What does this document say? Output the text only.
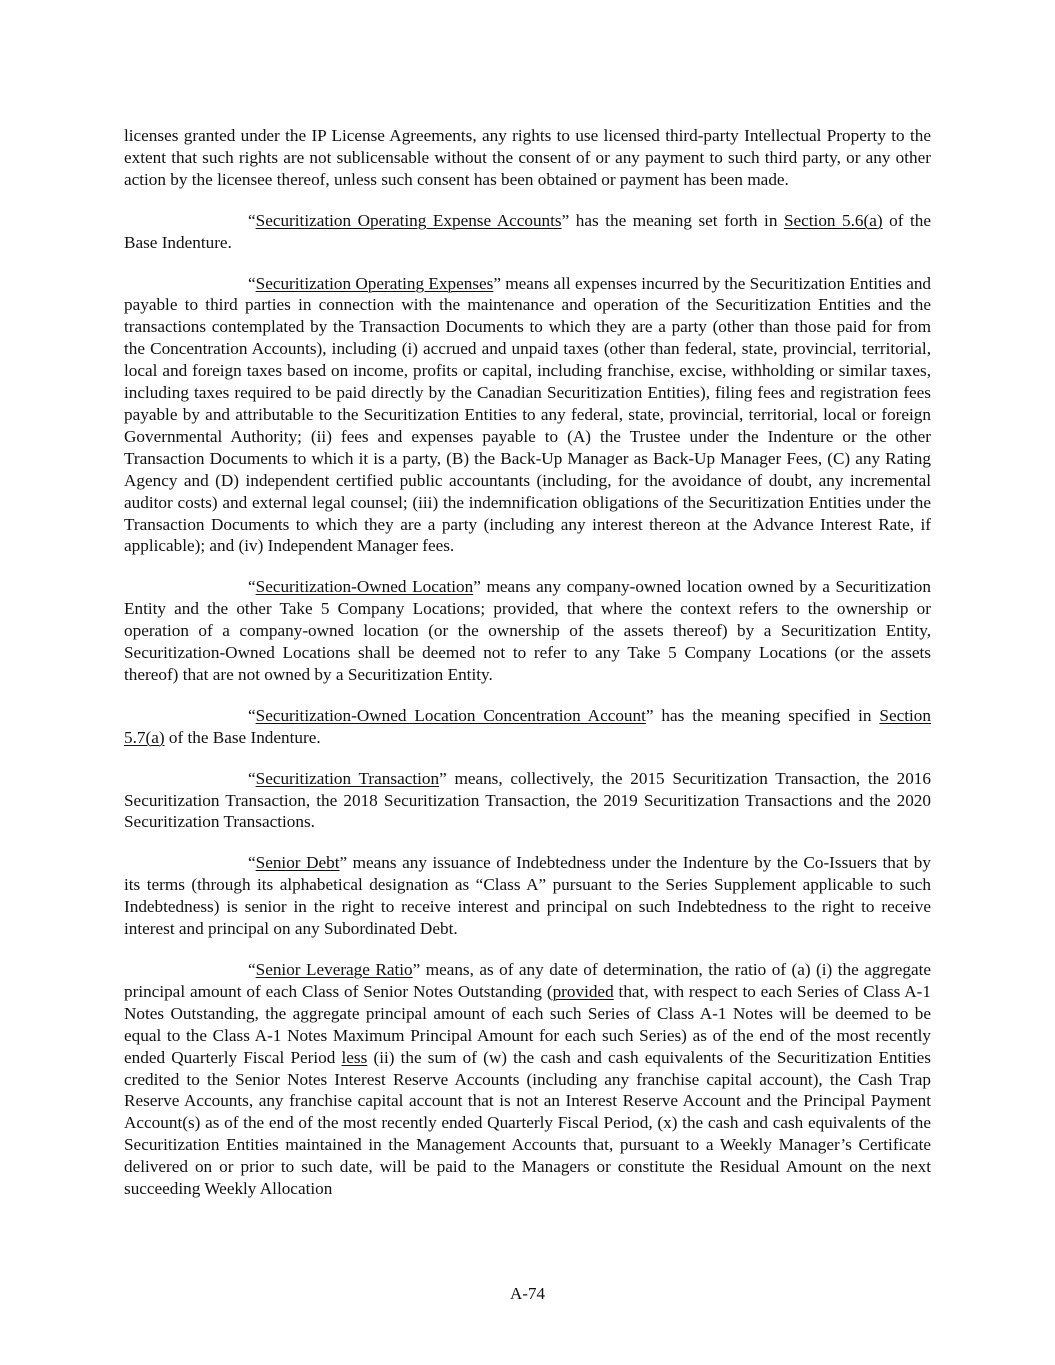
licenses granted under the IP License Agreements, any rights to use licensed third-party Intellectual Property to the extent that such rights are not sublicensable without the consent of or any payment to such third party, or any other action by the licensee thereof, unless such consent has been obtained or payment has been made.

“Securitization Operating Expense Accounts” has the meaning set forth in Section 5.6(a) of the Base Indenture.

“Securitization Operating Expenses” means all expenses incurred by the Securitization Entities and payable to third parties in connection with the maintenance and operation of the Securitization Entities and the transactions contemplated by the Transaction Documents to which they are a party (other than those paid for from the Concentration Accounts), including (i) accrued and unpaid taxes (other than federal, state, provincial, territorial, local and foreign taxes based on income, profits or capital, including franchise, excise, withholding or similar taxes, including taxes required to be paid directly by the Canadian Securitization Entities), filing fees and registration fees payable by and attributable to the Securitization Entities to any federal, state, provincial, territorial, local or foreign Governmental Authority; (ii) fees and expenses payable to (A) the Trustee under the Indenture or the other Transaction Documents to which it is a party, (B) the Back-Up Manager as Back-Up Manager Fees, (C) any Rating Agency and (D) independent certified public accountants (including, for the avoidance of doubt, any incremental auditor costs) and external legal counsel; (iii) the indemnification obligations of the Securitization Entities under the Transaction Documents to which they are a party (including any interest thereon at the Advance Interest Rate, if applicable); and (iv) Independent Manager fees.

“Securitization-Owned Location” means any company-owned location owned by a Securitization Entity and the other Take 5 Company Locations; provided, that where the context refers to the ownership or operation of a company-owned location (or the ownership of the assets thereof) by a Securitization Entity, Securitization-Owned Locations shall be deemed not to refer to any Take 5 Company Locations (or the assets thereof) that are not owned by a Securitization Entity.

“Securitization-Owned Location Concentration Account” has the meaning specified in Section 5.7(a) of the Base Indenture.

“Securitization Transaction” means, collectively, the 2015 Securitization Transaction, the 2016 Securitization Transaction, the 2018 Securitization Transaction, the 2019 Securitization Transactions and the 2020 Securitization Transactions.

“Senior Debt” means any issuance of Indebtedness under the Indenture by the Co-Issuers that by its terms (through its alphabetical designation as “Class A” pursuant to the Series Supplement applicable to such Indebtedness) is senior in the right to receive interest and principal on such Indebtedness to the right to receive interest and principal on any Subordinated Debt.

“Senior Leverage Ratio” means, as of any date of determination, the ratio of (a) (i) the aggregate principal amount of each Class of Senior Notes Outstanding (provided that, with respect to each Series of Class A-1 Notes Outstanding, the aggregate principal amount of each such Series of Class A-1 Notes will be deemed to be equal to the Class A-1 Notes Maximum Principal Amount for each such Series) as of the end of the most recently ended Quarterly Fiscal Period less (ii) the sum of (w) the cash and cash equivalents of the Securitization Entities credited to the Senior Notes Interest Reserve Accounts (including any franchise capital account), the Cash Trap Reserve Accounts, any franchise capital account that is not an Interest Reserve Account and the Principal Payment Account(s) as of the end of the most recently ended Quarterly Fiscal Period, (x) the cash and cash equivalents of the Securitization Entities maintained in the Management Accounts that, pursuant to a Weekly Manager’s Certificate delivered on or prior to such date, will be paid to the Managers or constitute the Residual Amount on the next succeeding Weekly Allocation

A-74
